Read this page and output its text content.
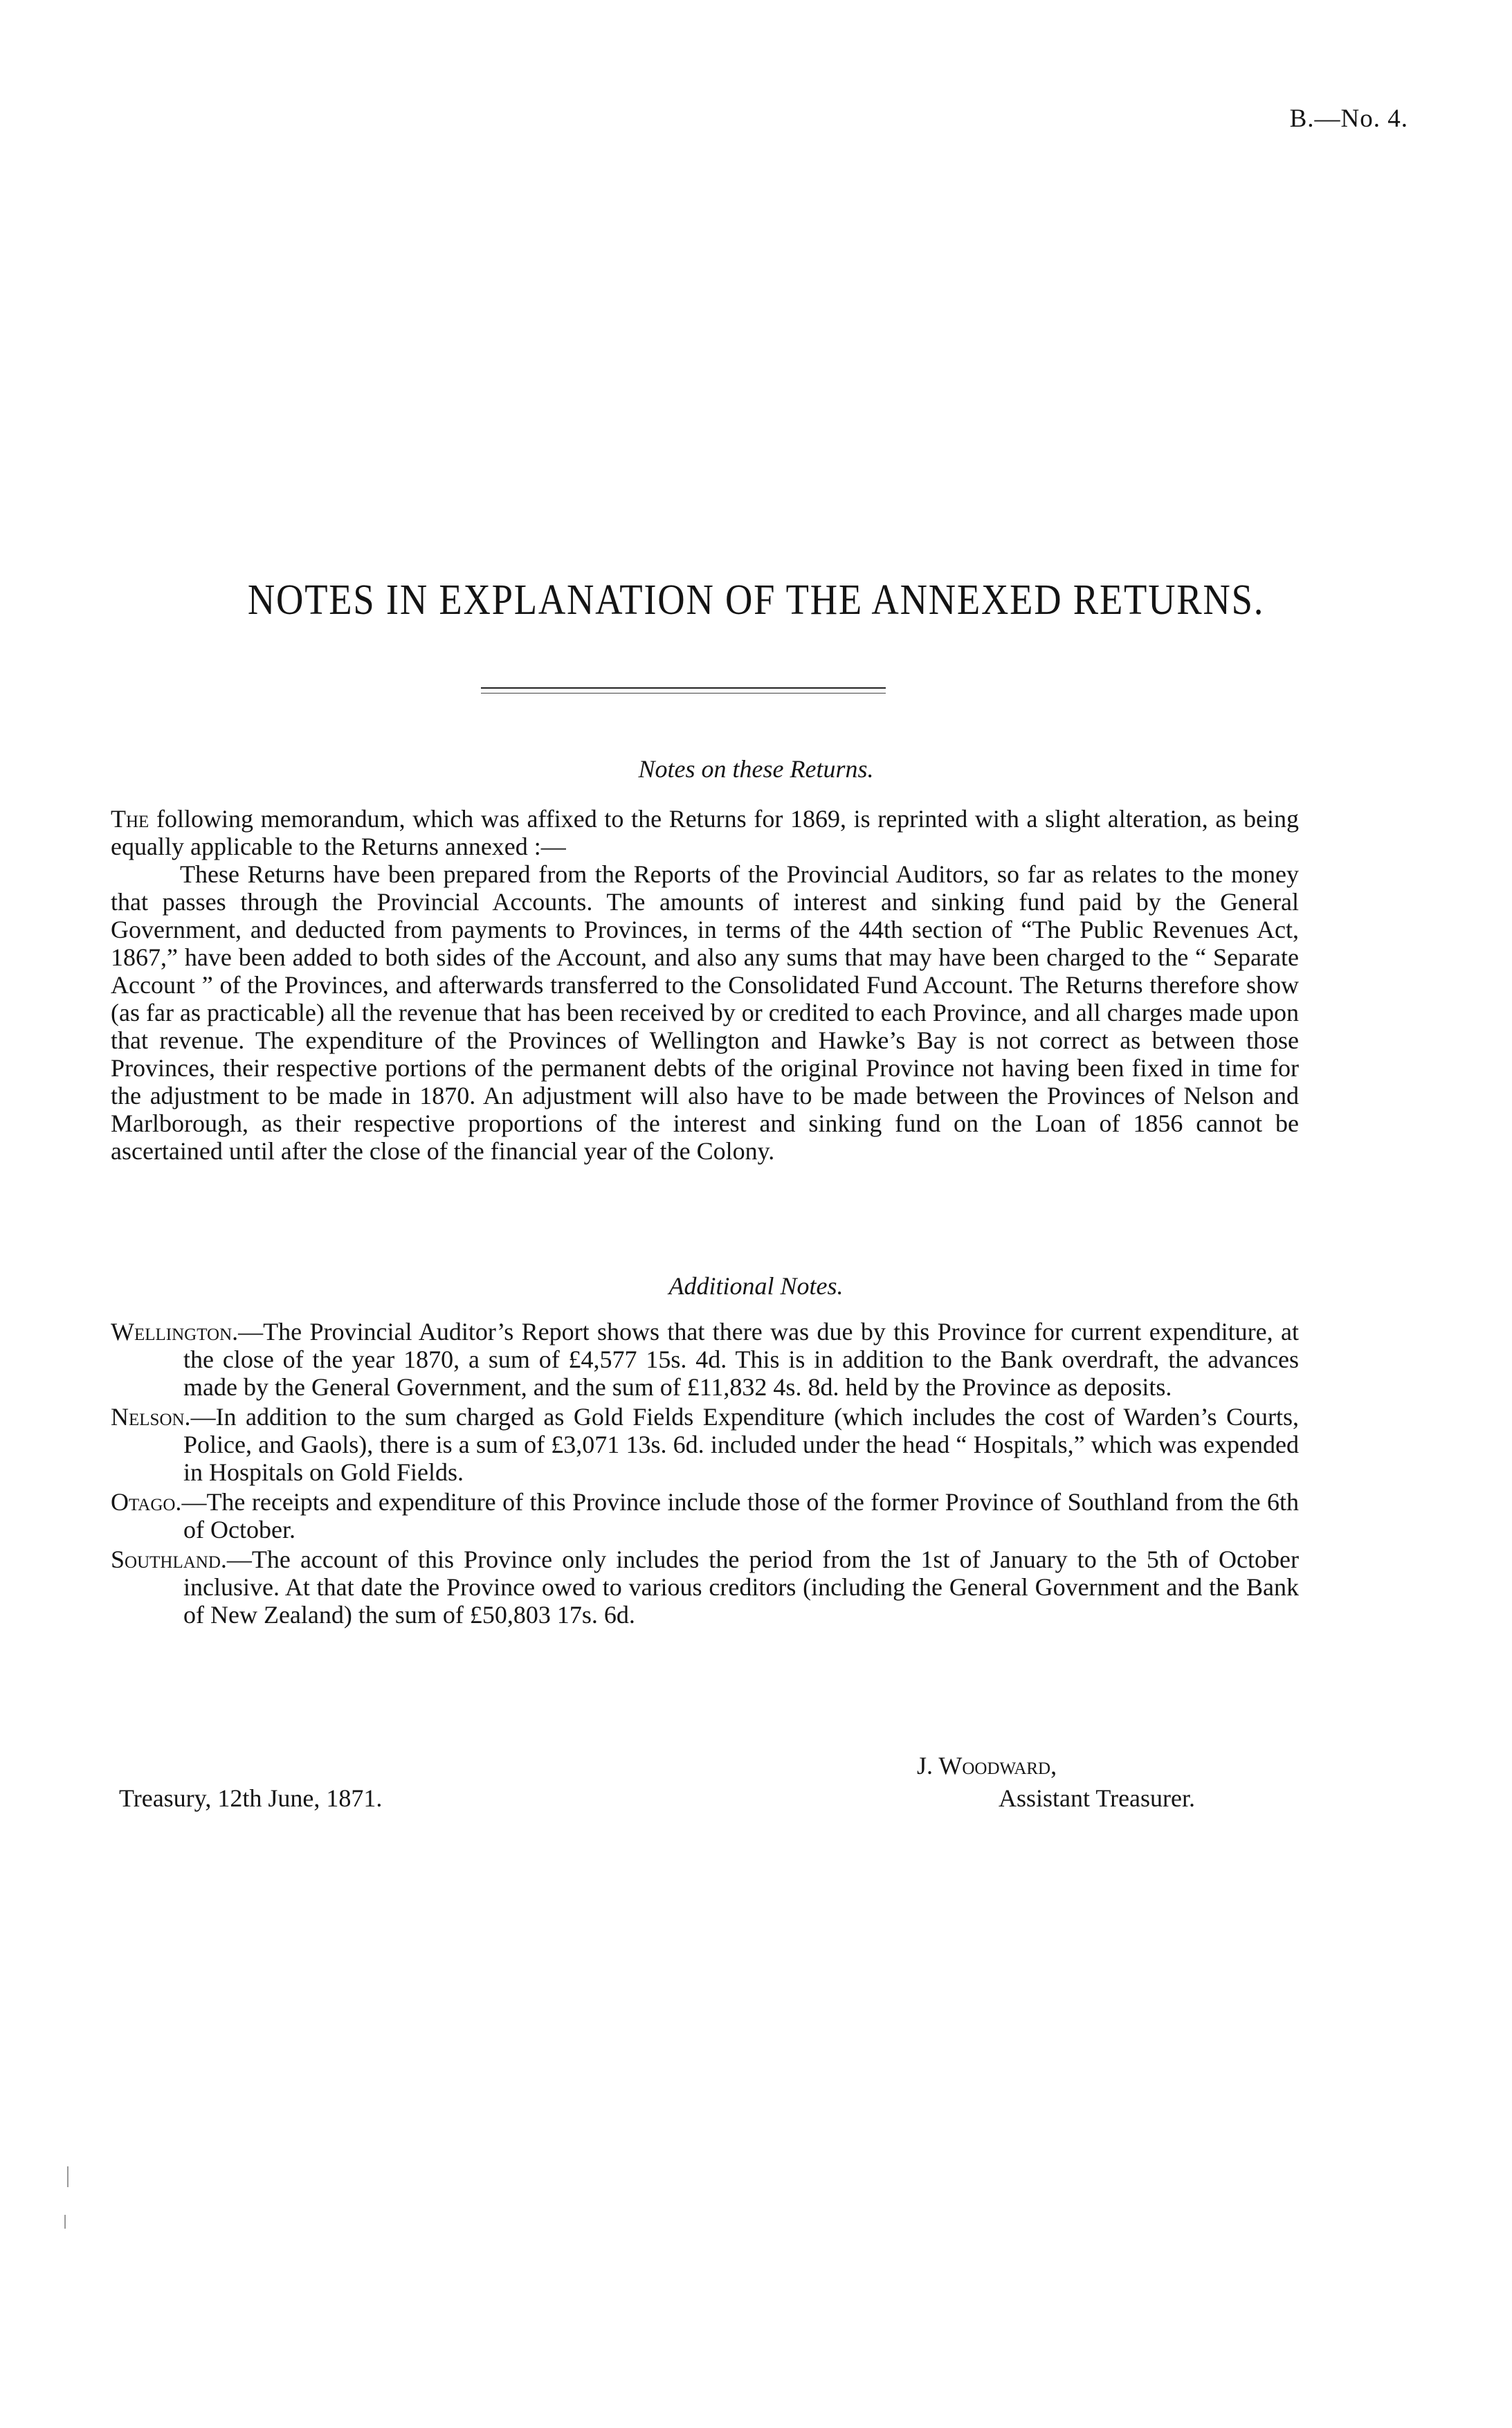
B.—No. 4.
NOTES IN EXPLANATION OF THE ANNEXED RETURNS.
Notes on these Returns.

The following memorandum, which was affixed to the Returns for 1869, is reprinted with a slight alteration, as being equally applicable to the Returns annexed :—

These Returns have been prepared from the Reports of the Provincial Auditors, so far as relates to the money that passes through the Provincial Accounts. The amounts of interest and sinking fund paid by the General Government, and deducted from payments to Provinces, in terms of the 44th section of “The Public Revenues Act, 1867,” have been added to both sides of the Account, and also any sums that may have been charged to the “ Separate Account ” of the Provinces, and afterwards transferred to the Consolidated Fund Account. The Returns therefore show (as far as practicable) all the revenue that has been received by or credited to each Province, and all charges made upon that revenue. The expenditure of the Provinces of Wellington and Hawke’s Bay is not correct as between those Provinces, their respective portions of the permanent debts of the original Province not having been fixed in time for the adjustment to be made in 1870. An adjustment will also have to be made between the Provinces of Nelson and Marlborough, as their respective proportions of the interest and sinking fund on the Loan of 1856 cannot be ascertained until after the close of the financial year of the Colony.

Additional Notes.

Wellington.—The Provincial Auditor’s Report shows that there was due by this Province for current expenditure, at the close of the year 1870, a sum of £4,577 15s. 4d. This is in addition to the Bank overdraft, the advances made by the General Government, and the sum of £11,832 4s. 8d. held by the Province as deposits.

Nelson.—In addition to the sum charged as Gold Fields Expenditure (which includes the cost of Warden’s Courts, Police, and Gaols), there is a sum of £3,071 13s. 6d. included under the head “ Hospitals,” which was expended in Hospitals on Gold Fields.

Otago.—The receipts and expenditure of this Province include those of the former Province of Southland from the 6th of October.

Southland.—The account of this Province only includes the period from the 1st of January to the 5th of October inclusive. At that date the Province owed to various creditors (including the General Government and the Bank of New Zealand) the sum of £50,803 17s. 6d.

J. Woodward,
Treasury, 12th June, 1871.	Assistant Treasurer.
